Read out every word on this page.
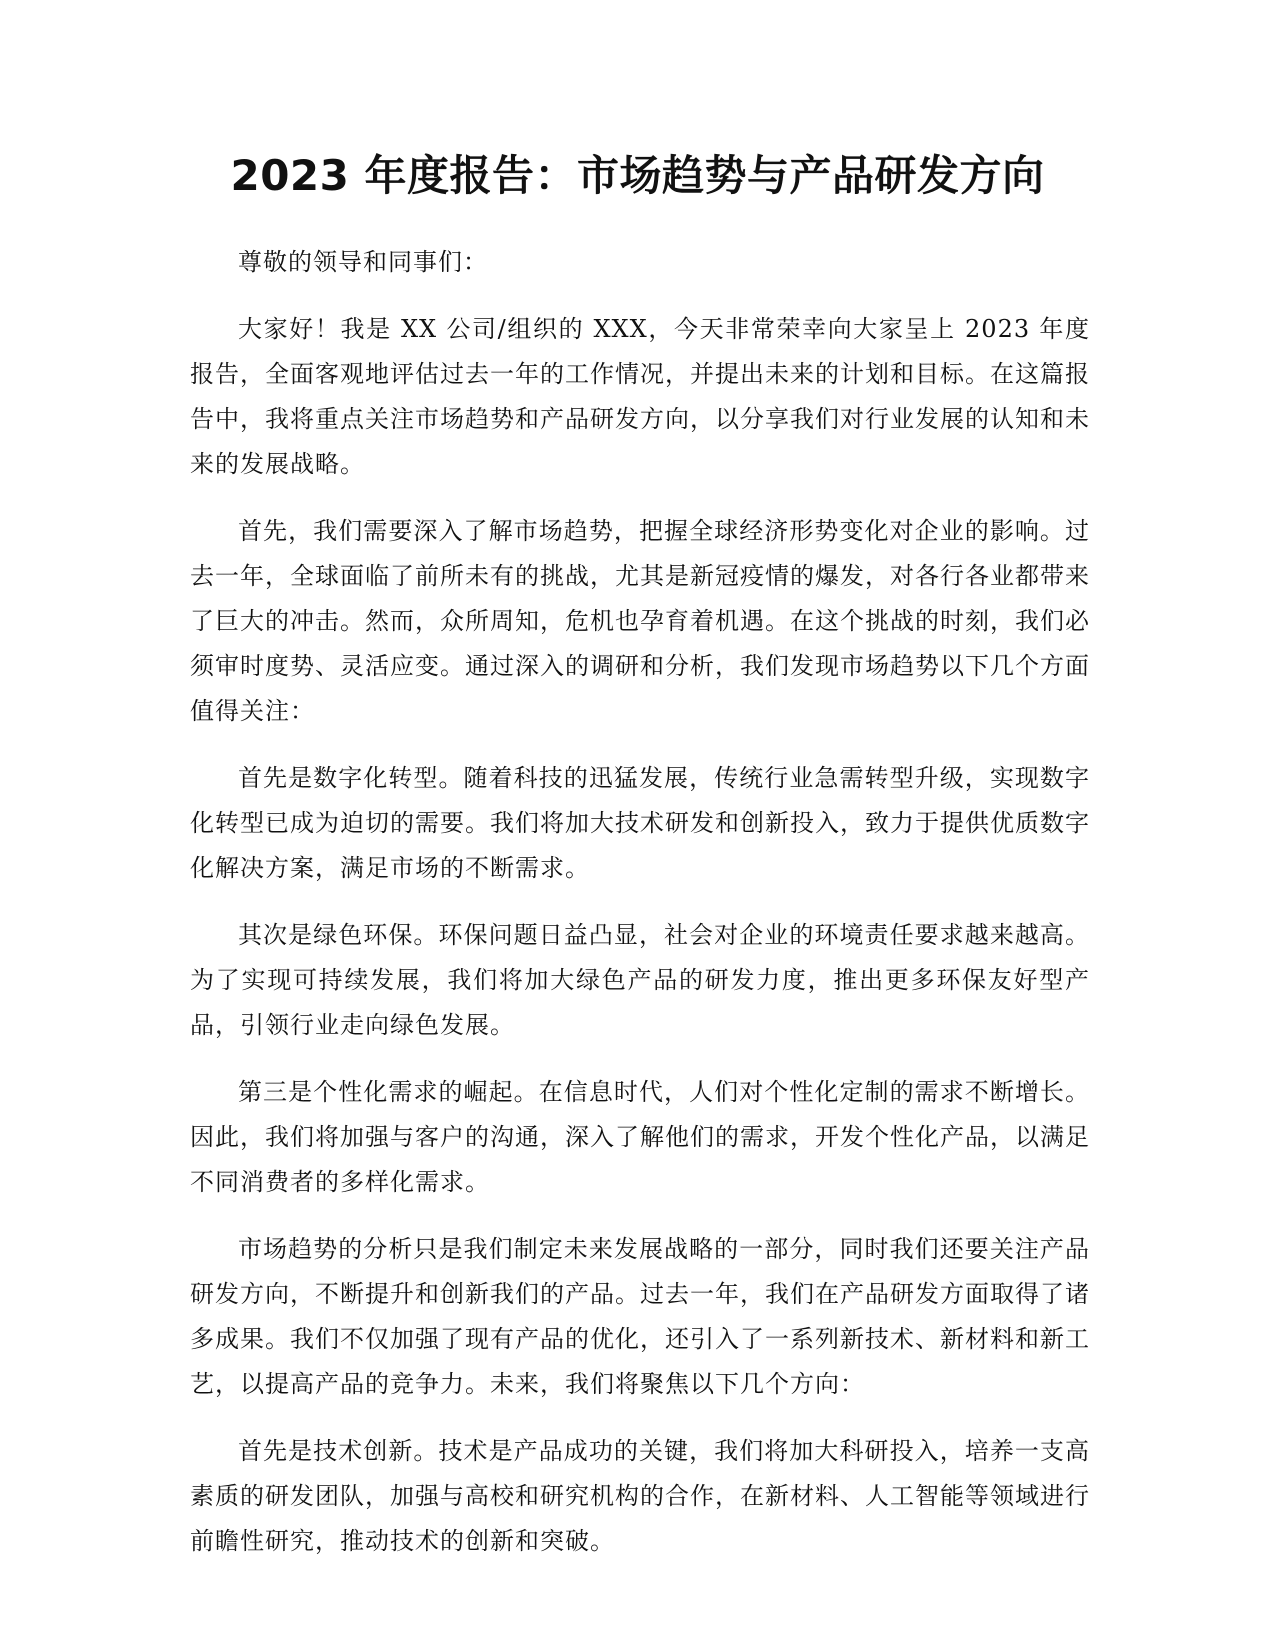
2023 年度报告：市场趋势与产品研发方向

尊敬的领导和同事们：

大家好！我是 XX 公司/组织的 XXX，今天非常荣幸向大家呈上 2023 年度报告，全面客观地评估过去一年的工作情况，并提出未来的计划和目标。在这篇报告中，我将重点关注市场趋势和产品研发方向，以分享我们对行业发展的认知和未来的发展战略。

首先，我们需要深入了解市场趋势，把握全球经济形势变化对企业的影响。过去一年，全球面临了前所未有的挑战，尤其是新冠疫情的爆发，对各行各业都带来了巨大的冲击。然而，众所周知，危机也孕育着机遇。在这个挑战的时刻，我们必须审时度势、灵活应变。通过深入的调研和分析，我们发现市场趋势以下几个方面值得关注：

首先是数字化转型。随着科技的迅猛发展，传统行业急需转型升级，实现数字化转型已成为迫切的需要。我们将加大技术研发和创新投入，致力于提供优质数字化解决方案，满足市场的不断需求。

其次是绿色环保。环保问题日益凸显，社会对企业的环境责任要求越来越高。为了实现可持续发展，我们将加大绿色产品的研发力度，推出更多环保友好型产品，引领行业走向绿色发展。

第三是个性化需求的崛起。在信息时代，人们对个性化定制的需求不断增长。因此，我们将加强与客户的沟通，深入了解他们的需求，开发个性化产品，以满足不同消费者的多样化需求。

市场趋势的分析只是我们制定未来发展战略的一部分，同时我们还要关注产品研发方向，不断提升和创新我们的产品。过去一年，我们在产品研发方面取得了诸多成果。我们不仅加强了现有产品的优化，还引入了一系列新技术、新材料和新工艺，以提高产品的竞争力。未来，我们将聚焦以下几个方向：

首先是技术创新。技术是产品成功的关键，我们将加大科研投入，培养一支高素质的研发团队，加强与高校和研究机构的合作，在新材料、人工智能等领域进行前瞻性研究，推动技术的创新和突破。
